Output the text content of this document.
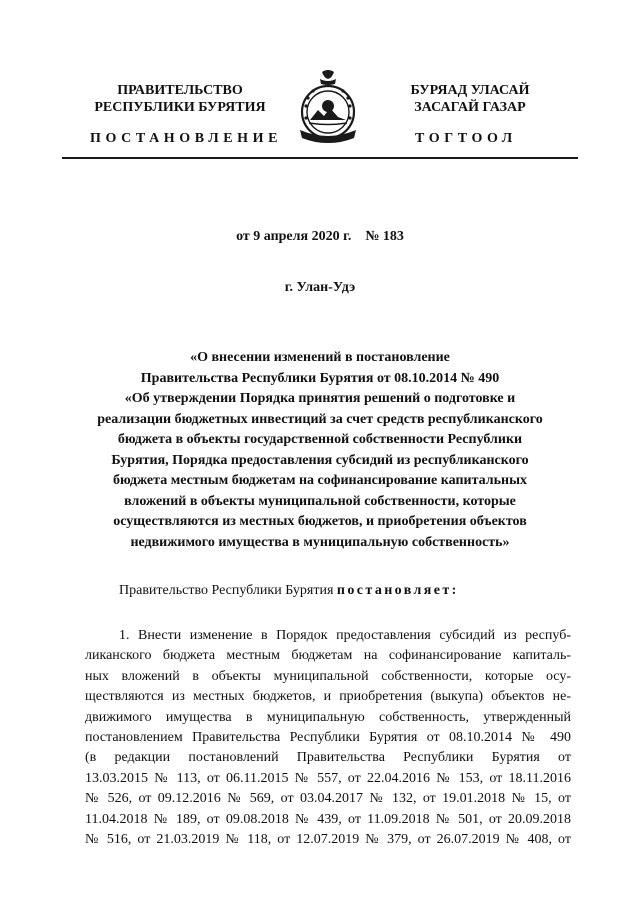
ПРАВИТЕЛЬСТВО
РЕСПУБЛИКИ БУРЯТИЯ
БУРЯАД УЛАСАЙ
ЗАСАГАЙ ГАЗАР
ПОСТАНОВЛЕНИЕ	ТОГТООЛ
от 9 апреля 2020 г.    № 183
г. Улан-Удэ
«О внесении изменений в постановление
Правительства Республики Бурятия от 08.10.2014 № 490
«Об утверждении Порядка принятия решений о подготовке и
реализации бюджетных инвестиций за счет средств республиканского
бюджета в объекты государственной собственности Республики
Бурятия, Порядка предоставления субсидий из республиканского
бюджета местным бюджетам на софинансирование капитальных
вложений в объекты муниципальной собственности, которые
осуществляются из местных бюджетов, и приобретения объектов
недвижимого имущества в муниципальную собственность»
Правительство Республики Бурятия постановляет:
1. Внести изменение в Порядок предоставления субсидий из респуб-
ликанского бюджета местным бюджетам на софинансирование капиталь-
ных вложений в объекты муниципальной собственности, которые осу-
ществляются из местных бюджетов, и приобретения (выкупа) объектов не-
движимого имущества в муниципальную собственность, утвержденный
постановлением Правительства Республики Бурятия от 08.10.2014 № 490
(в редакции постановлений Правительства Республики Бурятия от
13.03.2015 № 113, от 06.11.2015 № 557, от 22.04.2016 № 153, от 18.11.2016
№ 526, от 09.12.2016 № 569, от 03.04.2017 № 132, от 19.01.2018 № 15, от
11.04.2018 № 189, от 09.08.2018 № 439, от 11.09.2018 № 501, от 20.09.2018
№ 516, от 21.03.2019 № 118, от 12.07.2019 № 379, от 26.07.2019 № 408, от
